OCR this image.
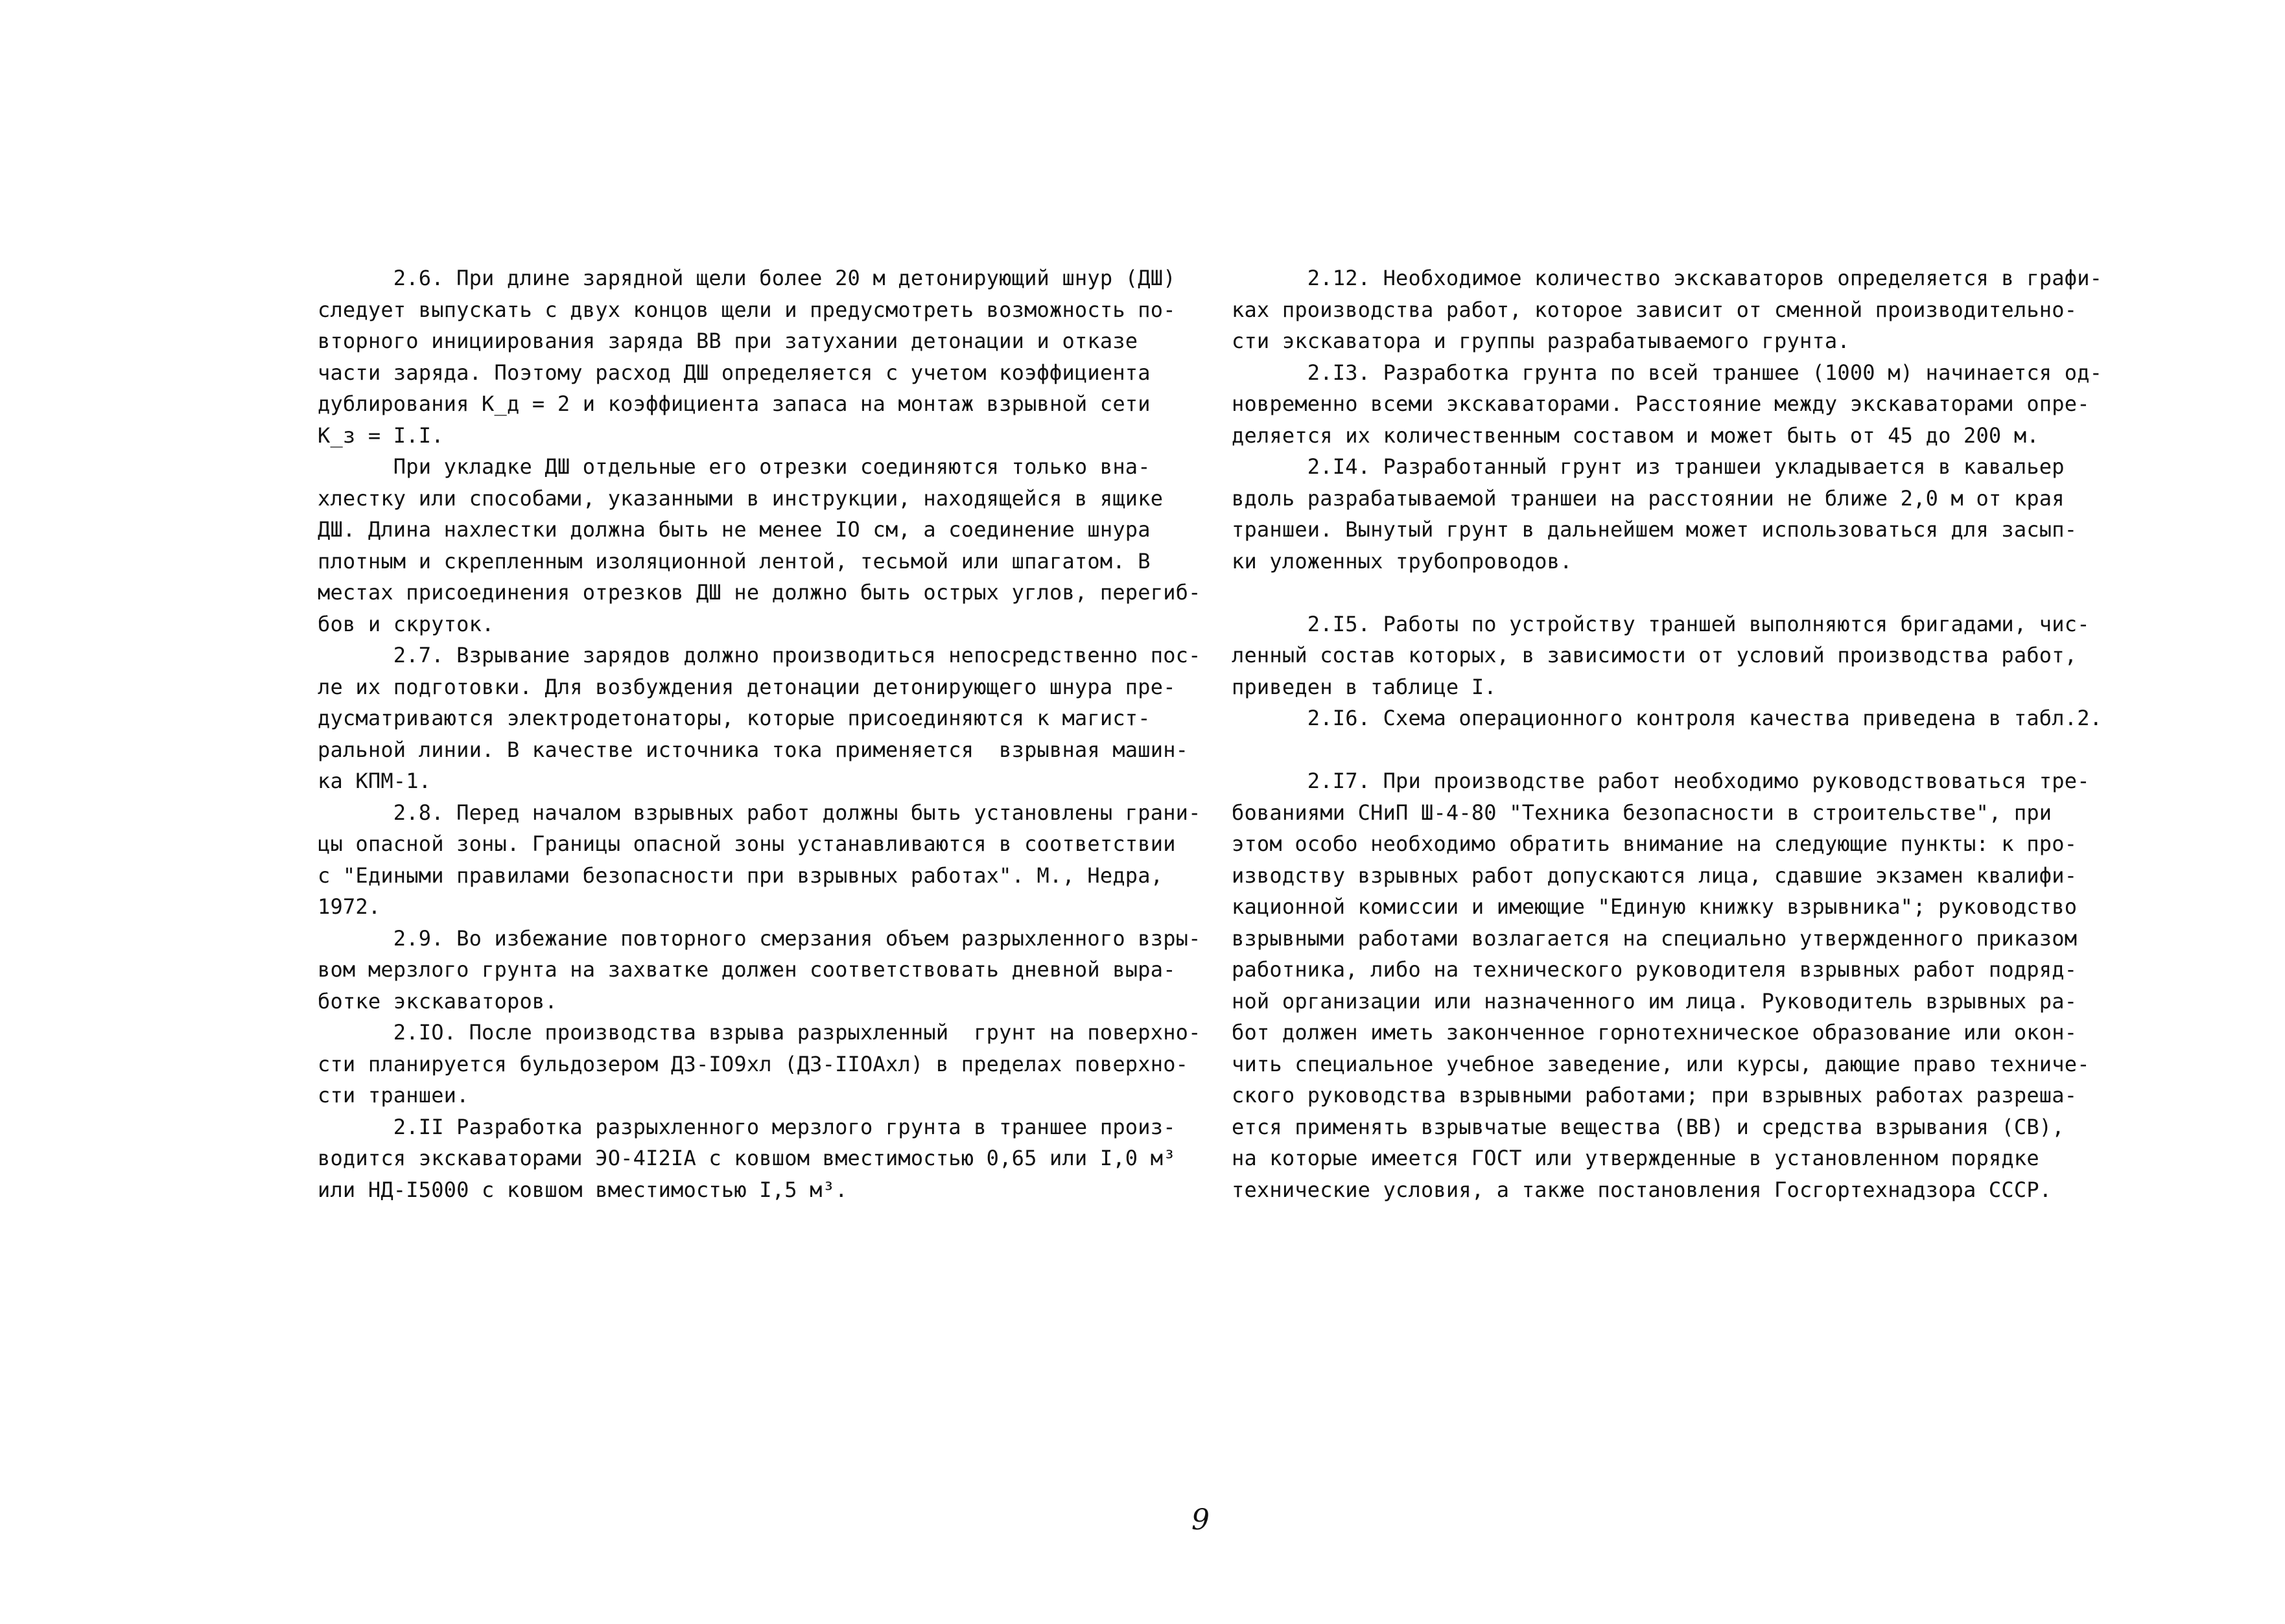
2.6. При длине зарядной щели более 20 м детонирующий шнур (ДШ)
следует выпускать с двух концов щели и предусмотреть возможность по-
вторного инициирования заряда ВВ при затухании детонации и отказе
части заряда. Поэтому расход ДШ определяется с учетом коэффициента
дублирования К_д = 2 и коэффициента запаса на монтаж взрывной сети
К_з = I.I.
При укладке ДШ отдельные его отрезки соединяются только вна-
хлестку или способами, указанными в инструкции, находящейся в ящике
ДШ. Длина нахлестки должна быть не менее IO см, а соединение шнура
плотным и скрепленным изоляционной лентой, тесьмой или шпагатом. В
местах присоединения отрезков ДШ не должно быть острых углов, перегиб-
бов и скруток.
2.7. Взрывание зарядов должно производиться непосредственно пос-
ле их подготовки. Для возбуждения детонации детонирующего шнура пре-
дусматриваются электродетонаторы, которые присоединяются к магист-
ральной линии. В качестве источника тока применяется  взрывная машин-
ка КПМ-1.
2.8. Перед началом взрывных работ должны быть установлены грани-
цы опасной зоны. Границы опасной зоны устанавливаются в соответствии
с "Едиными правилами безопасности при взрывных работах". М., Недра,
1972.
2.9. Во избежание повторного смерзания объем разрыхленного взры-
вом мерзлого грунта на захватке должен соответствовать дневной выра-
ботке экскаваторов.
2.IO. После производства взрыва разрыхленный  грунт на поверхно-
сти планируется бульдозером ДЗ-IO9хл (ДЗ-IIOАхл) в пределах поверхно-
сти траншеи.
2.II Разработка разрыхленного мерзлого грунта в траншее произ-
водится экскаваторами ЭО-4I2IА с ковшом вместимостью 0,65 или I,0 м³
или НД-I5000 с ковшом вместимостью I,5 м³.
2.12. Необходимое количество экскаваторов определяется в графи-
ках производства работ, которое зависит от сменной производительно-
сти экскаватора и группы разрабатываемого грунта.
2.I3. Разработка грунта по всей траншее (1000 м) начинается од-
новременно всеми экскаваторами. Расстояние между экскаваторами опре-
деляется их количественным составом и может быть от 45 до 200 м.
2.I4. Разработанный грунт из траншеи укладывается в кавальер
вдоль разрабатываемой траншеи на расстоянии не ближе 2,0 м от края
траншеи. Вынутый грунт в дальнейшем может использоваться для засып-
ки уложенных трубопроводов.
2.I5. Работы по устройству траншей выполняются бригадами, чис-
ленный состав которых, в зависимости от условий производства работ,
приведен в таблице I.
2.I6. Схема операционного контроля качества приведена в табл.2.
2.I7. При производстве работ необходимо руководствоваться тре-
бованиями СНиП Ш-4-80 "Техника безопасности в строительстве", при
этом особо необходимо обратить внимание на следующие пункты: к про-
изводству взрывных работ допускаются лица, сдавшие экзамен квалифи-
кационной комиссии и имеющие "Единую книжку взрывника"; руководство
взрывными работами возлагается на специально утвержденного приказом
работника, либо на технического руководителя взрывных работ подряд-
ной организации или назначенного им лица. Руководитель взрывных ра-
бот должен иметь законченное горнотехническое образование или окон-
чить специальное учебное заведение, или курсы, дающие право техниче-
ского руководства взрывными работами; при взрывных работах разреша-
ется применять взрывчатые вещества (ВВ) и средства взрывания (СВ),
на которые имеется ГОСТ или утвержденные в установленном порядке
технические условия, а также постановления Госгортехнадзора СССР.
9
